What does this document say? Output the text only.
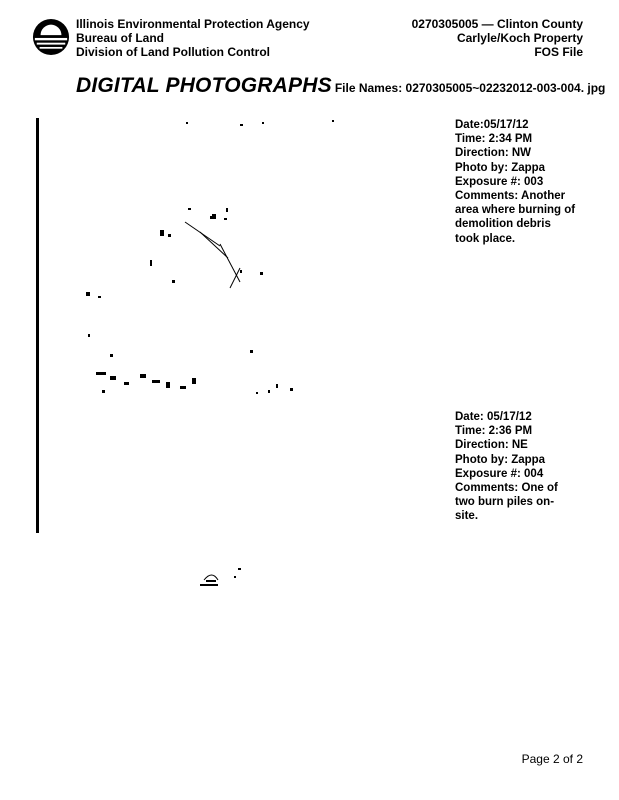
Illinois Environmental Protection Agency
Bureau of Land
Division of Land Pollution Control
0270305005 — Clinton County
Carlyle/Koch Property
FOS File
DIGITAL PHOTOGRAPHS File Names: 0270305005~02232012-003-004. jpg
Date:05/17/12
Time: 2:34 PM
Direction: NW
Photo by: Zappa
Exposure #: 003
Comments: Another
area where burning of
demolition debris
took place.
Date: 05/17/12
Time: 2:36 PM
Direction: NE
Photo by: Zappa
Exposure #: 004
Comments: One of
two burn piles on-
site.
Page 2 of 2
